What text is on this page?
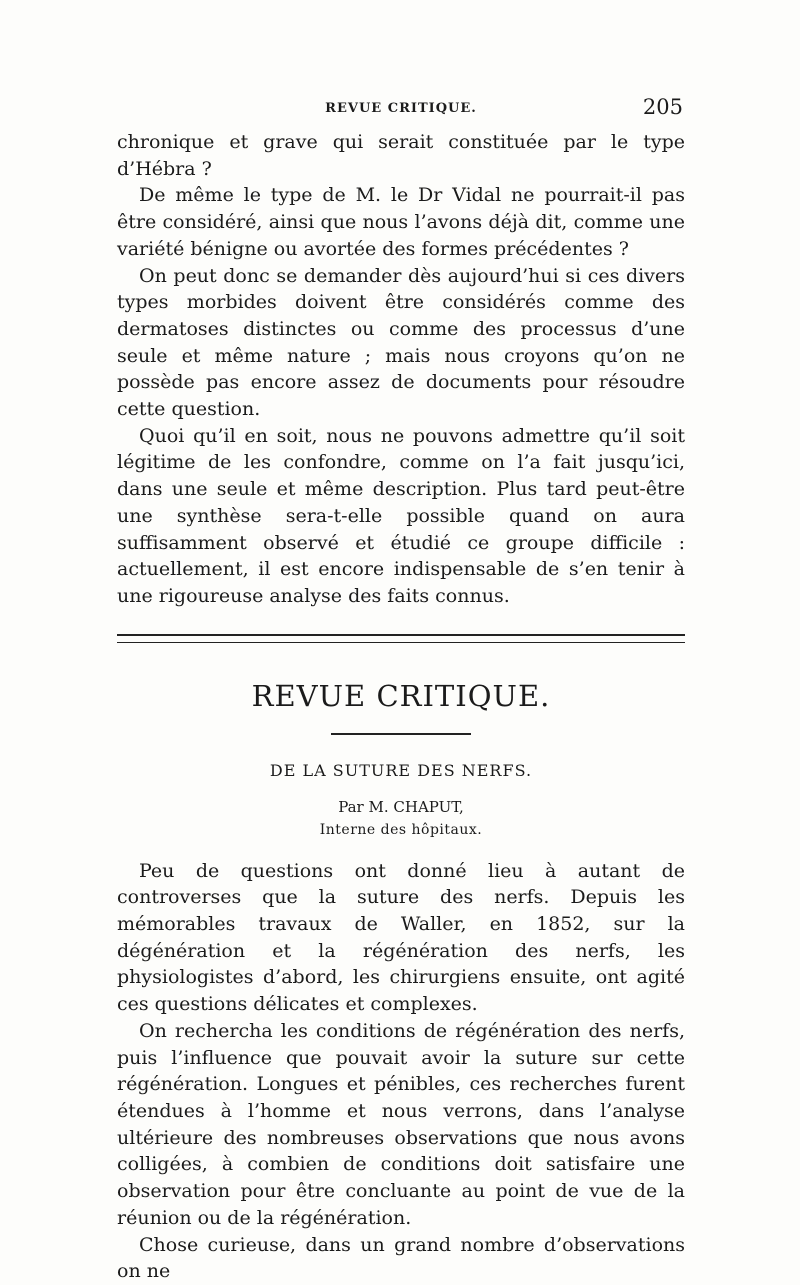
REVUE CRITIQUE.	205

chronique et grave qui serait constituée par le type d’Hébra ?

De même le type de M. le Dr Vidal ne pourrait-il pas être considéré, ainsi que nous l’avons déjà dit, comme une variété bénigne ou avortée des formes précédentes ?

On peut donc se demander dès aujourd’hui si ces divers types morbides doivent être considérés comme des dermatoses distinctes ou comme des processus d’une seule et même nature ; mais nous croyons qu’on ne possède pas encore assez de documents pour résoudre cette question.

Quoi qu’il en soit, nous ne pouvons admettre qu’il soit légitime de les confondre, comme on l’a fait jusqu’ici, dans une seule et même description. Plus tard peut-être une synthèse sera-t-elle possible quand on aura suffisamment observé et étudié ce groupe difficile : actuellement, il est encore indispensable de s’en tenir à une rigoureuse analyse des faits connus.

REVUE CRITIQUE.
DE LA SUTURE DES NERFS.
Par M. CHAPUT,
Interne des hôpitaux.

Peu de questions ont donné lieu à autant de controverses que la suture des nerfs. Depuis les mémorables travaux de Waller, en 1852, sur la dégénération et la régénération des nerfs, les physiologistes d’abord, les chirurgiens ensuite, ont agité ces questions délicates et complexes.

On rechercha les conditions de régénération des nerfs, puis l’influence que pouvait avoir la suture sur cette régénération. Longues et pénibles, ces recherches furent étendues à l’homme et nous verrons, dans l’analyse ultérieure des nombreuses observations que nous avons colligées, à combien de conditions doit satisfaire une observation pour être concluante au point de vue de la réunion ou de la régénération.

Chose curieuse, dans un grand nombre d’observations on ne
